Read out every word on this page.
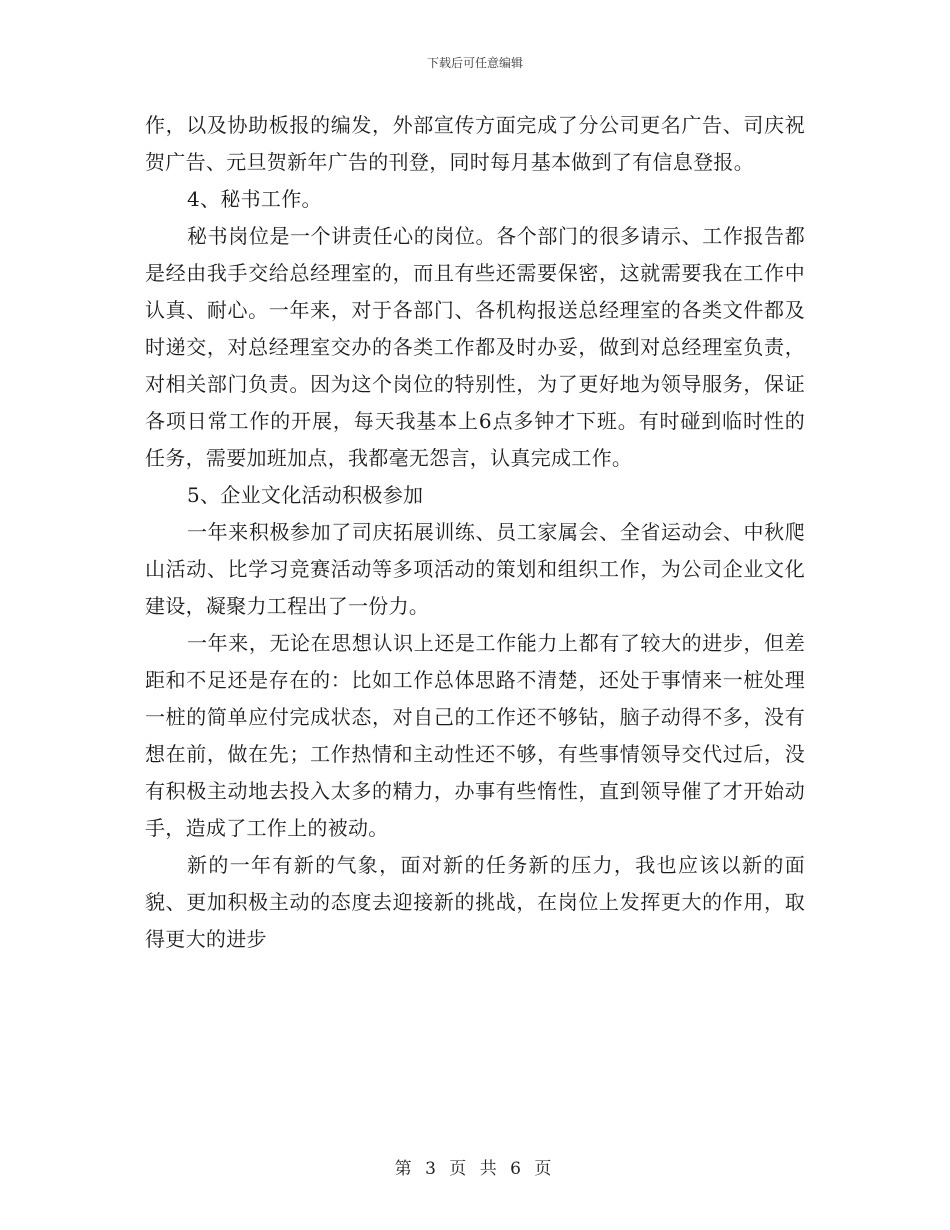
下载后可任意编辑

作，以及协助板报的编发，外部宣传方面完成了分公司更名广告、司庆祝贺广告、元旦贺新年广告的刊登，同时每月基本做到了有信息登报。

4、秘书工作。

秘书岗位是一个讲责任心的岗位。各个部门的很多请示、工作报告都是经由我手交给总经理室的，而且有些还需要保密，这就需要我在工作中认真、耐心。一年来，对于各部门、各机构报送总经理室的各类文件都及时递交，对总经理室交办的各类工作都及时办妥，做到对总经理室负责，对相关部门负责。因为这个岗位的特别性，为了更好地为领导服务，保证各项日常工作的开展，每天我基本上6点多钟才下班。有时碰到临时性的任务，需要加班加点，我都毫无怨言，认真完成工作。

5、企业文化活动积极参加

一年来积极参加了司庆拓展训练、员工家属会、全省运动会、中秋爬山活动、比学习竞赛活动等多项活动的策划和组织工作，为公司企业文化建设，凝聚力工程出了一份力。

一年来，无论在思想认识上还是工作能力上都有了较大的进步，但差距和不足还是存在的：比如工作总体思路不清楚，还处于事情来一桩处理一桩的简单应付完成状态，对自己的工作还不够钻，脑子动得不多，没有想在前，做在先；工作热情和主动性还不够，有些事情领导交代过后，没有积极主动地去投入太多的精力，办事有些惰性，直到领导催了才开始动手，造成了工作上的被动。

新的一年有新的气象，面对新的任务新的压力，我也应该以新的面貌、更加积极主动的态度去迎接新的挑战，在岗位上发挥更大的作用，取得更大的进步

第 3 页 共 6 页
